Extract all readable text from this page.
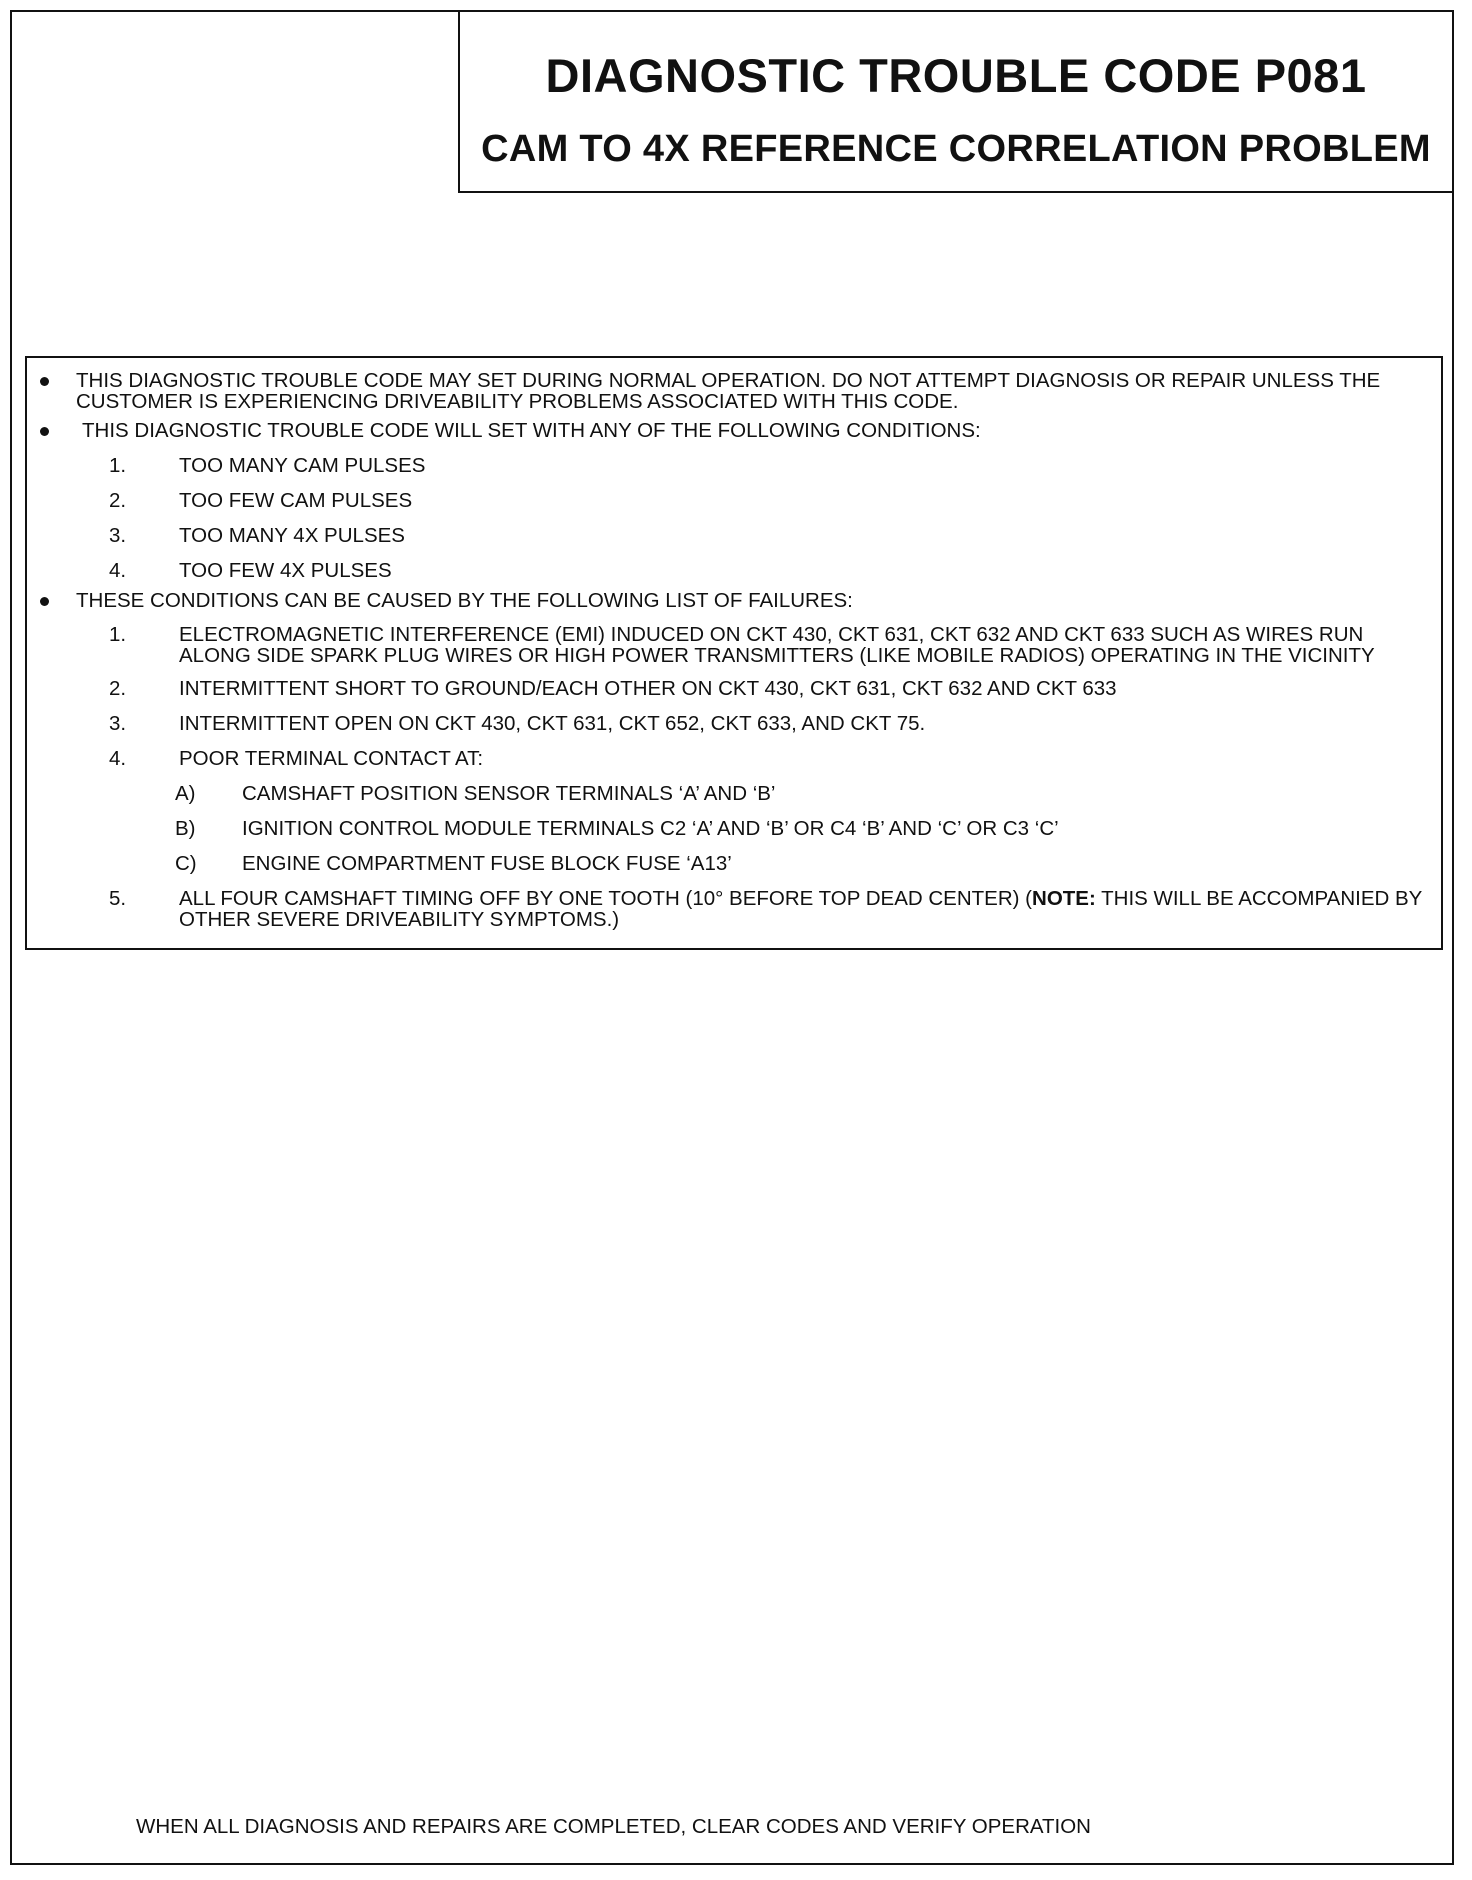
DIAGNOSTIC TROUBLE CODE P081
CAM TO 4X REFERENCE CORRELATION PROBLEM
THIS DIAGNOSTIC TROUBLE CODE MAY SET DURING NORMAL OPERATION. DO NOT ATTEMPT DIAGNOSIS OR REPAIR UNLESS THE CUSTOMER IS EXPERIENCING DRIVEABILITY PROBLEMS ASSOCIATED WITH THIS CODE.
THIS DIAGNOSTIC TROUBLE CODE WILL SET WITH ANY OF THE FOLLOWING CONDITIONS:
1.	TOO MANY CAM PULSES
2.	TOO FEW CAM PULSES
3.	TOO MANY 4X PULSES
4.	TOO FEW 4X PULSES
THESE CONDITIONS CAN BE CAUSED BY THE FOLLOWING LIST OF FAILURES:
1.	ELECTROMAGNETIC INTERFERENCE (EMI) INDUCED ON CKT 430, CKT 631, CKT 632 AND CKT 633 SUCH AS WIRES RUN ALONG SIDE SPARK PLUG WIRES OR HIGH POWER TRANSMITTERS (LIKE MOBILE RADIOS) OPERATING IN THE VICINITY
2.	INTERMITTENT SHORT TO GROUND/EACH OTHER ON CKT 430, CKT 631, CKT 632 AND CKT 633
3.	INTERMITTENT OPEN ON CKT 430, CKT 631, CKT 652, CKT 633, AND CKT 75.
4.	POOR TERMINAL CONTACT AT:
A)	CAMSHAFT POSITION SENSOR TERMINALS ‘A’ AND ‘B’
B)	IGNITION CONTROL MODULE TERMINALS C2 ‘A’ AND ‘B’ OR C4 ‘B’ AND ‘C’ OR C3 ‘C’
C)	ENGINE COMPARTMENT FUSE BLOCK FUSE ‘A13’
5.	ALL FOUR CAMSHAFT TIMING OFF BY ONE TOOTH (10° BEFORE TOP DEAD CENTER) (NOTE: THIS WILL BE ACCOMPANIED BY OTHER SEVERE DRIVEABILITY SYMPTOMS.)
WHEN ALL DIAGNOSIS AND REPAIRS ARE COMPLETED, CLEAR CODES AND VERIFY OPERATION
